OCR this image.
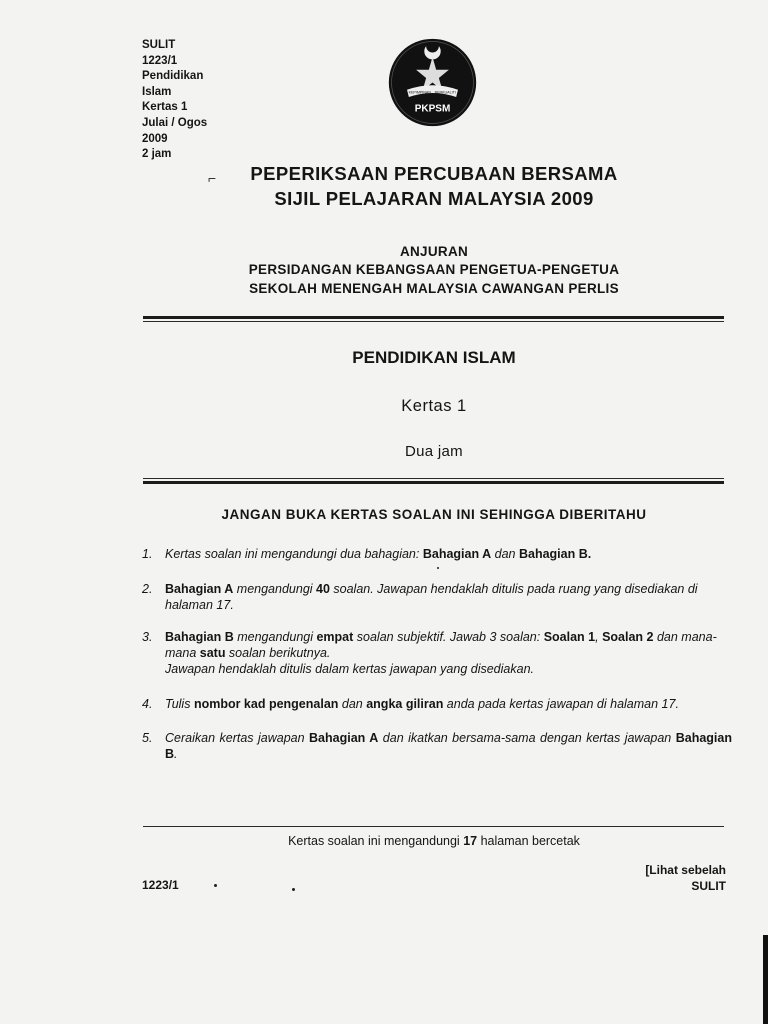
SULIT
1223/1
Pendidikan
Islam
Kertas 1
Julai / Ogos
2009
2 jam
KEPIMPINAN BERKUALITI
PKPSM
⌐	PEPERIKSAAN PERCUBAAN BERSAMA
SIJIL PELAJARAN MALAYSIA 2009
ANJURAN
PERSIDANGAN KEBANGSAAN PENGETUA-PENGETUA
SEKOLAH MENENGAH MALAYSIA CAWANGAN PERLIS
PENDIDIKAN ISLAM
Kertas 1
Dua jam
JANGAN BUKA KERTAS SOALAN INI SEHINGGA DIBERITAHU
1. Kertas soalan ini mengandungi dua bahagian: Bahagian A dan Bahagian B.
2. Bahagian A mengandungi 40 soalan. Jawapan hendaklah ditulis pada ruang yang disediakan di halaman 17.
3. Bahagian B mengandungi empat soalan subjektif. Jawab 3 soalan: Soalan 1, Soalan 2 dan mana-mana satu soalan berikutnya.
Jawapan hendaklah ditulis dalam kertas jawapan yang disediakan.
4. Tulis nombor kad pengenalan dan angka giliran anda pada kertas jawapan di halaman 17.
5. Ceraikan kertas jawapan Bahagian A dan ikatkan bersama-sama dengan kertas jawapan Bahagian B.
Kertas soalan ini mengandungi 17 halaman bercetak
1223/1
[Lihat sebelah
SULIT
